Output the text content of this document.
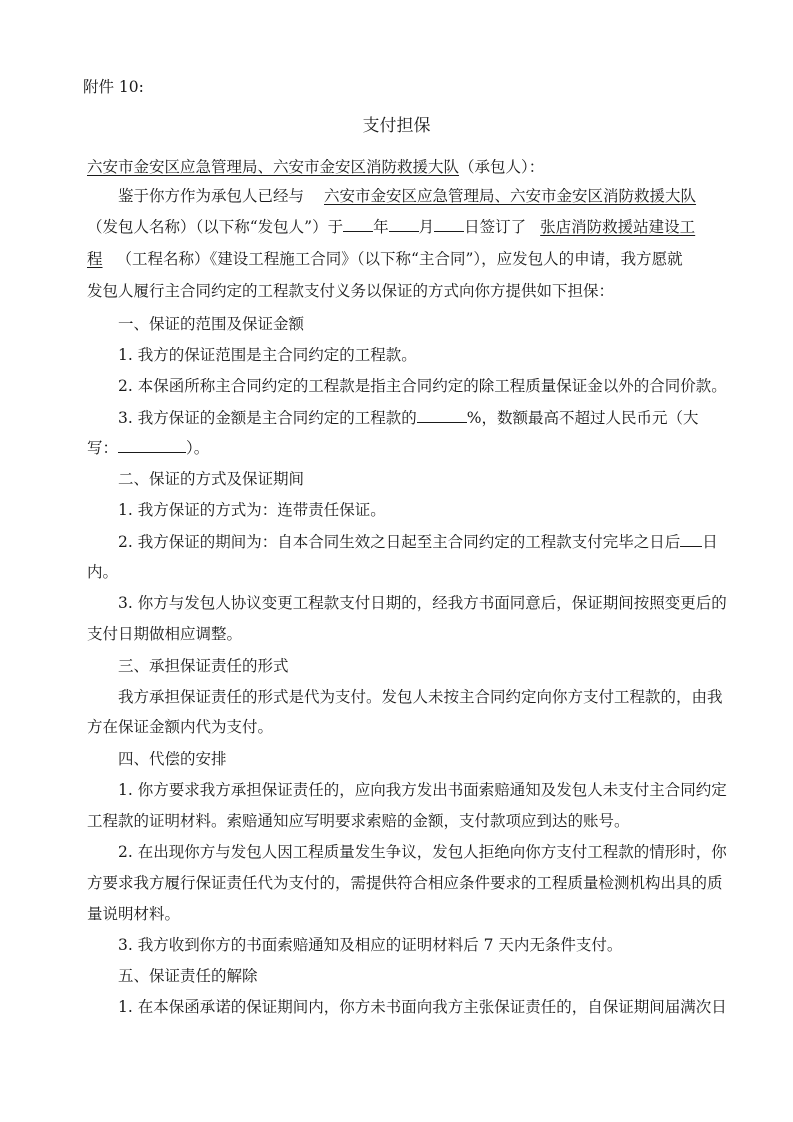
附件 10:
支付担保
六安市金安区应急管理局、六安市金安区消防救援大队（承包人）：
鉴于你方作为承包人已经与 六安市金安区应急管理局、六安市金安区消防救援大队
（发包人名称）（以下称“发包人”）于 年 月 日签订了 张店消防救援站建设工
程 （工程名称）《建设工程施工合同》（以下称“主合同”），应发包人的申请，我方愿就
发包人履行主合同约定的工程款支付义务以保证的方式向你方提供如下担保：
一、保证的范围及保证金额
1. 我方的保证范围是主合同约定的工程款。
2. 本保函所称主合同约定的工程款是指主合同约定的除工程质量保证金以外的合同价款。
3. 我方保证的金额是主合同约定的工程款的	%，数额最高不超过人民币元（大
写：	）。
二、保证的方式及保证期间
1. 我方保证的方式为：连带责任保证。
2. 我方保证的期间为：自本合同生效之日起至主合同约定的工程款支付完毕之日后 日
内。
3. 你方与发包人协议变更工程款支付日期的，经我方书面同意后，保证期间按照变更后的
支付日期做相应调整。
三、承担保证责任的形式
我方承担保证责任的形式是代为支付。发包人未按主合同约定向你方支付工程款的，由我
方在保证金额内代为支付。
四、代偿的安排
1. 你方要求我方承担保证责任的，应向我方发出书面索赔通知及发包人未支付主合同约定
工程款的证明材料。索赔通知应写明要求索赔的金额，支付款项应到达的账号。
2. 在出现你方与发包人因工程质量发生争议，发包人拒绝向你方支付工程款的情形时，你
方要求我方履行保证责任代为支付的，需提供符合相应条件要求的工程质量检测机构出具的质
量说明材料。
3. 我方收到你方的书面索赔通知及相应的证明材料后 7 天内无条件支付。
五、保证责任的解除
1. 在本保函承诺的保证期间内，你方未书面向我方主张保证责任的，自保证期间届满次日
